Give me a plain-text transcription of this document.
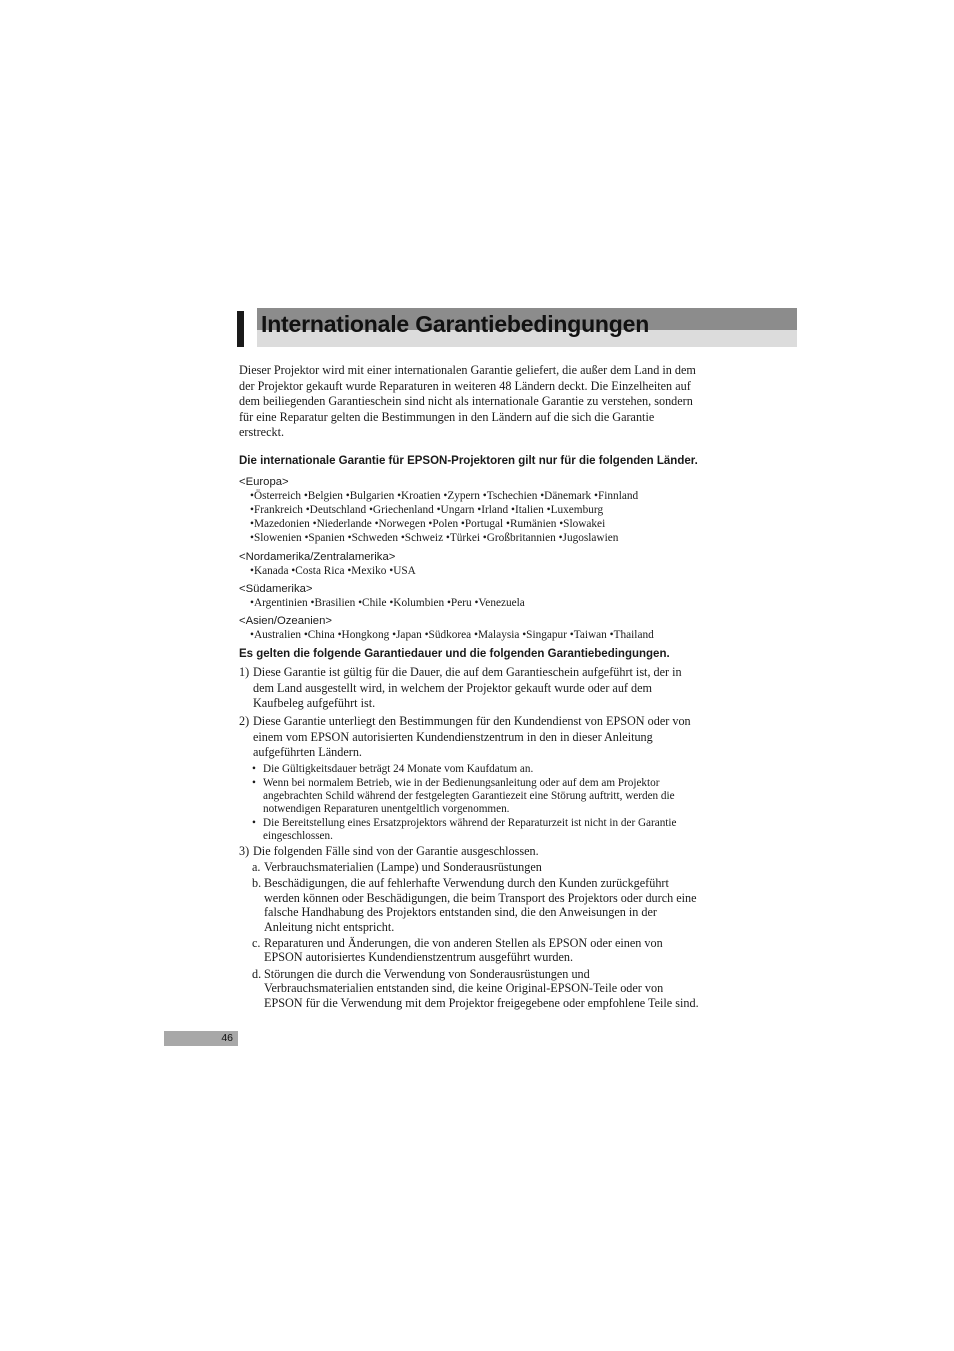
Internationale Garantiebedingungen

Dieser Projektor wird mit einer internationalen Garantie geliefert, die außer dem Land in dem der Projektor gekauft wurde Reparaturen in weiteren 48 Ländern deckt. Die Einzelheiten auf dem beiliegenden Garantieschein sind nicht als internationale Garantie zu verstehen, sondern für eine Reparatur gelten die Bestimmungen in den Ländern auf die sich die Garantie erstreckt.

Die internationale Garantie für EPSON-Projektoren gilt nur für die folgenden Länder.

<Europa>

•Österreich •Belgien •Bulgarien •Kroatien •Zypern •Tschechien •Dänemark •Finnland
•Frankreich •Deutschland •Griechenland •Ungarn •Irland •Italien •Luxemburg
•Mazedonien •Niederlande •Norwegen •Polen •Portugal •Rumänien •Slowakei
•Slowenien •Spanien •Schweden •Schweiz •Türkei •Großbritannien •Jugoslawien

<Nordamerika/Zentralamerika>

•Kanada •Costa Rica •Mexiko •USA

<Südamerika>

•Argentinien •Brasilien •Chile •Kolumbien •Peru •Venezuela

<Asien/Ozeanien>

•Australien •China •Hongkong •Japan •Südkorea •Malaysia •Singapur •Taiwan •Thailand

Es gelten die folgende Garantiedauer und die folgenden Garantiebedingungen.

1) Diese Garantie ist gültig für die Dauer, die auf dem Garantieschein aufgeführt ist, der in dem Land ausgestellt wird, in welchem der Projektor gekauft wurde oder auf dem Kaufbeleg aufgeführt ist.
2) Diese Garantie unterliegt den Bestimmungen für den Kundendienst von EPSON oder von einem vom EPSON autorisierten Kundendienstzentrum in den in dieser Anleitung aufgeführten Ländern.
• Die Gültigkeitsdauer beträgt 24 Monate vom Kaufdatum an.
• Wenn bei normalem Betrieb, wie in der Bedienungsanleitung oder auf dem am Projektor angebrachten Schild während der festgelegten Garantiezeit eine Störung auftritt, werden die notwendigen Reparaturen unentgeltlich vorgenommen.
• Die Bereitstellung eines Ersatzprojektors während der Reparaturzeit ist nicht in der Garantie eingeschlossen.
3) Die folgenden Fälle sind von der Garantie ausgeschlossen.
a. Verbrauchsmaterialien (Lampe) und Sonderausrüstungen
b. Beschädigungen, die auf fehlerhafte Verwendung durch den Kunden zurückgeführt werden können oder Beschädigungen, die beim Transport des Projektors oder durch eine falsche Handhabung des Projektors entstanden sind, die den Anweisungen in der Anleitung nicht entspricht.
c. Reparaturen und Änderungen, die von anderen Stellen als EPSON oder einen von EPSON autorisiertes Kundendienstzentrum ausgeführt wurden.
d. Störungen die durch die Verwendung von Sonderausrüstungen und Verbrauchsmaterialien entstanden sind, die keine Original-EPSON-Teile oder von EPSON für die Verwendung mit dem Projektor freigegebene oder empfohlene Teile sind.
46
